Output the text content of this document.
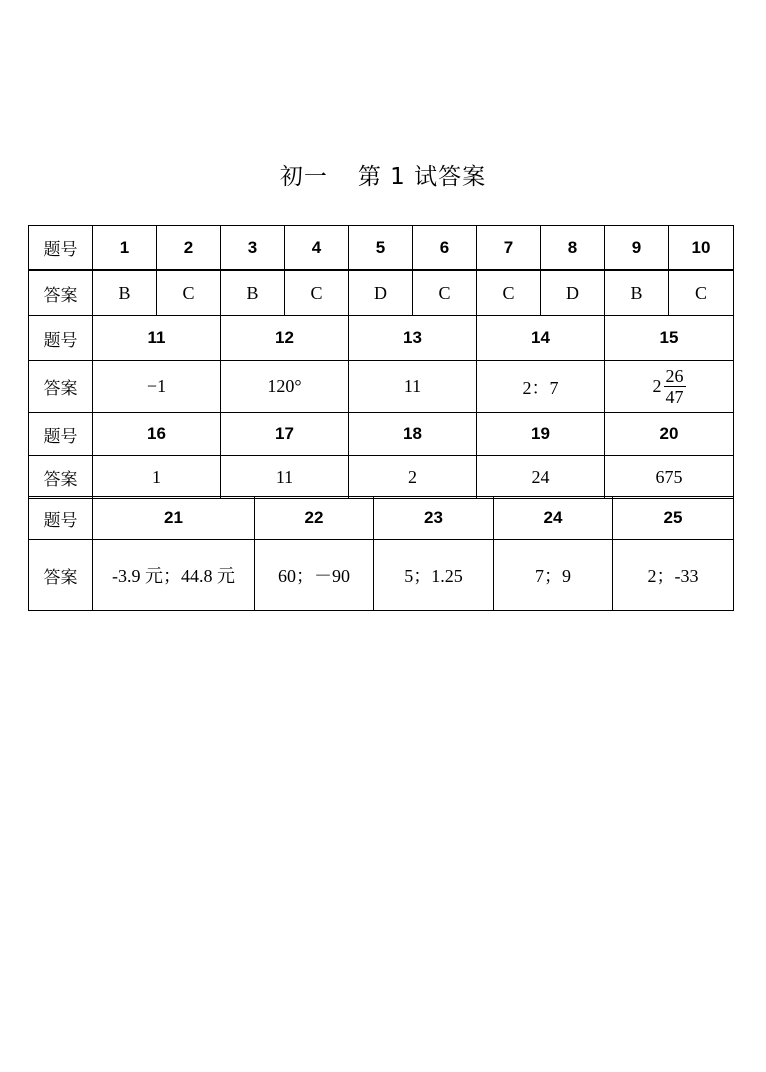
初一 第 1 试答案
题号	1	2	3	4	5	6	7	8	9	10
答案	B	C	B	C	D	C	C	D	B	C
题号	11		12		13		14		15	
答案	−1		120°		11		2：7		$2 \frac{26}{47}$

题号	16		17		18		19		20	
答案	1		11		2		24		675	
题号	21	22	23	24	25
答案	-3.9 元；44.8 元	60；－90	5；1.25	7；9	2；-33
